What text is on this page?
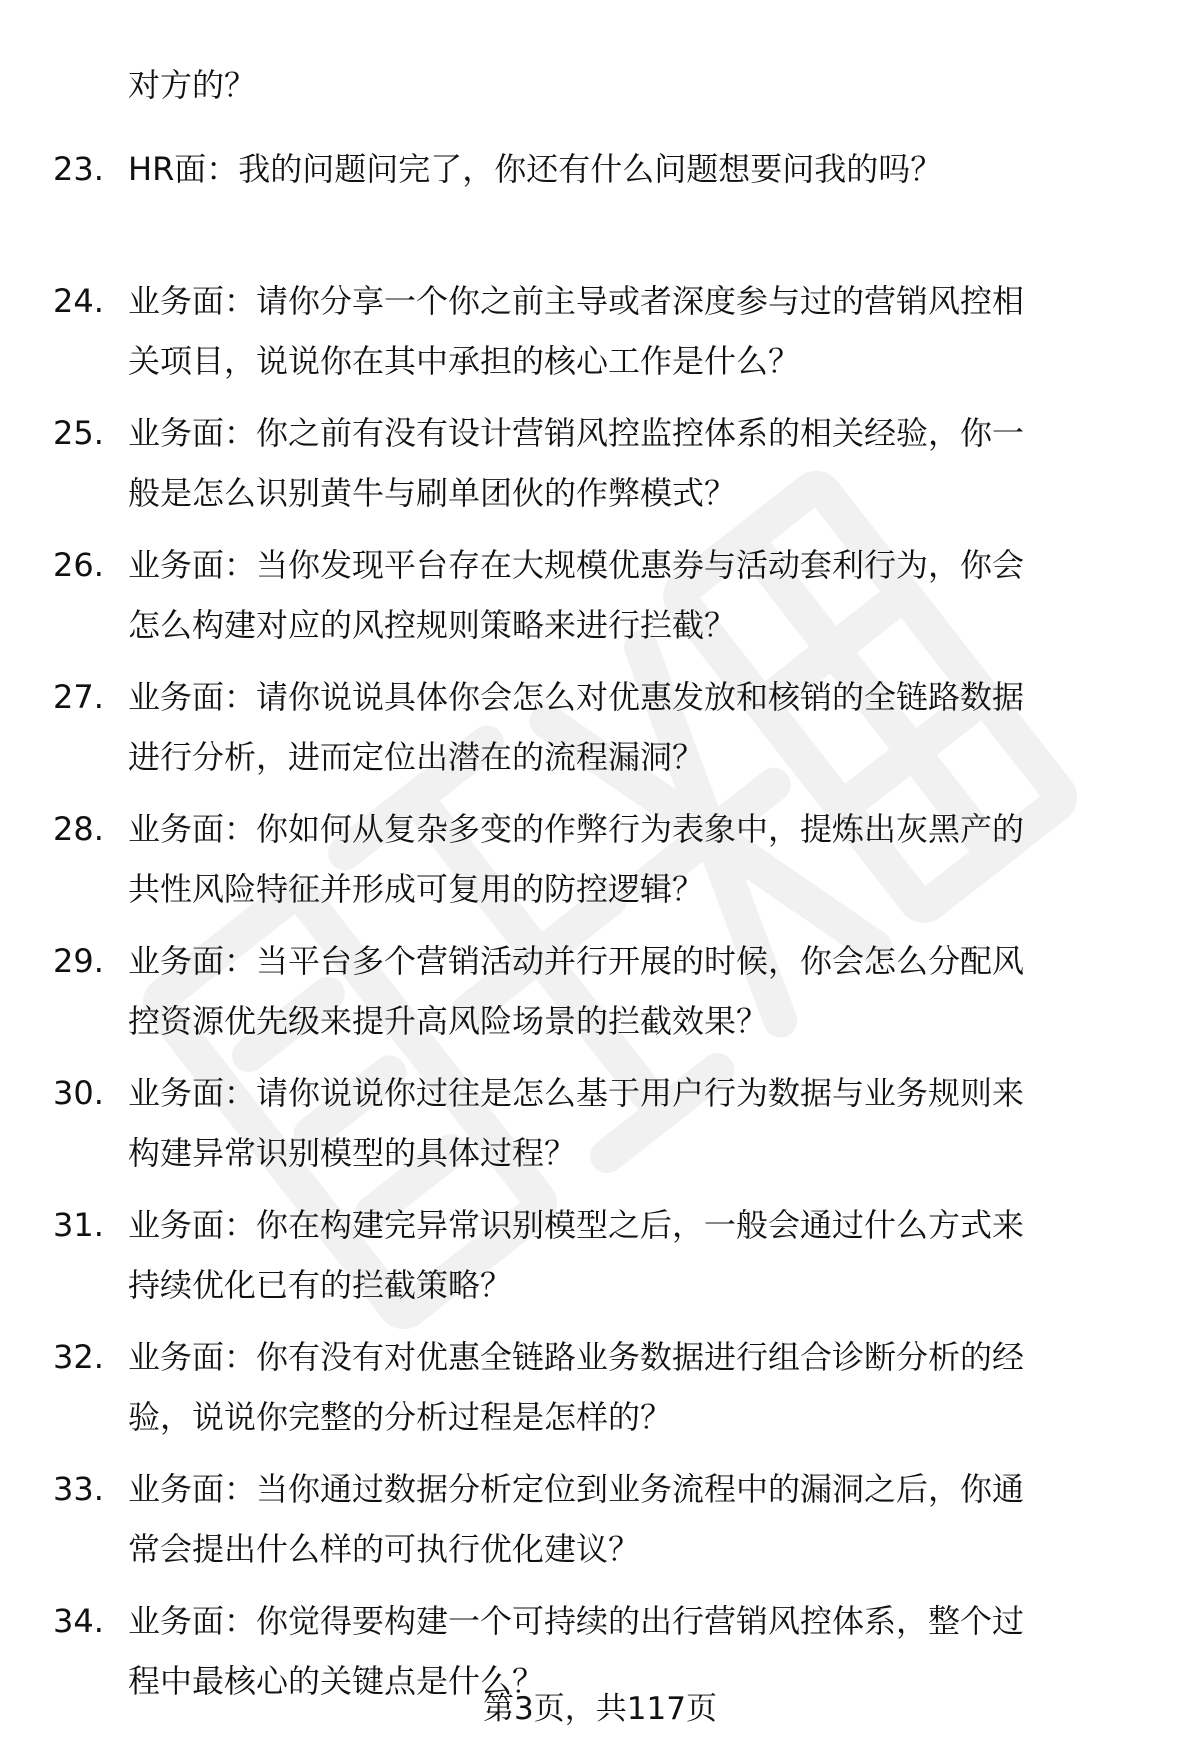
对方的？
23. HR面：我的问题问完了，你还有什么问题想要问我的吗？
24. 业务面：请你分享一个你之前主导或者深度参与过的营销风控相
关项目，说说你在其中承担的核心工作是什么？
25. 业务面：你之前有没有设计营销风控监控体系的相关经验，你一
般是怎么识别黄牛与刷单团伙的作弊模式？
26. 业务面：当你发现平台存在大规模优惠券与活动套利行为，你会
怎么构建对应的风控规则策略来进行拦截？
27. 业务面：请你说说具体你会怎么对优惠发放和核销的全链路数据
进行分析，进而定位出潜在的流程漏洞？
28. 业务面：你如何从复杂多变的作弊行为表象中，提炼出灰黑产的
共性风险特征并形成可复用的防控逻辑？
29. 业务面：当平台多个营销活动并行开展的时候，你会怎么分配风
控资源优先级来提升高风险场景的拦截效果？
30. 业务面：请你说说你过往是怎么基于用户行为数据与业务规则来
构建异常识别模型的具体过程？
31. 业务面：你在构建完异常识别模型之后，一般会通过什么方式来
持续优化已有的拦截策略？
32. 业务面：你有没有对优惠全链路业务数据进行组合诊断分析的经
验，说说你完整的分析过程是怎样的？
33. 业务面：当你通过数据分析定位到业务流程中的漏洞之后，你通
常会提出什么样的可执行优化建议？
34. 业务面：你觉得要构建一个可持续的出行营销风控体系，整个过
程中最核心的关键点是什么？
第3页，共117页
